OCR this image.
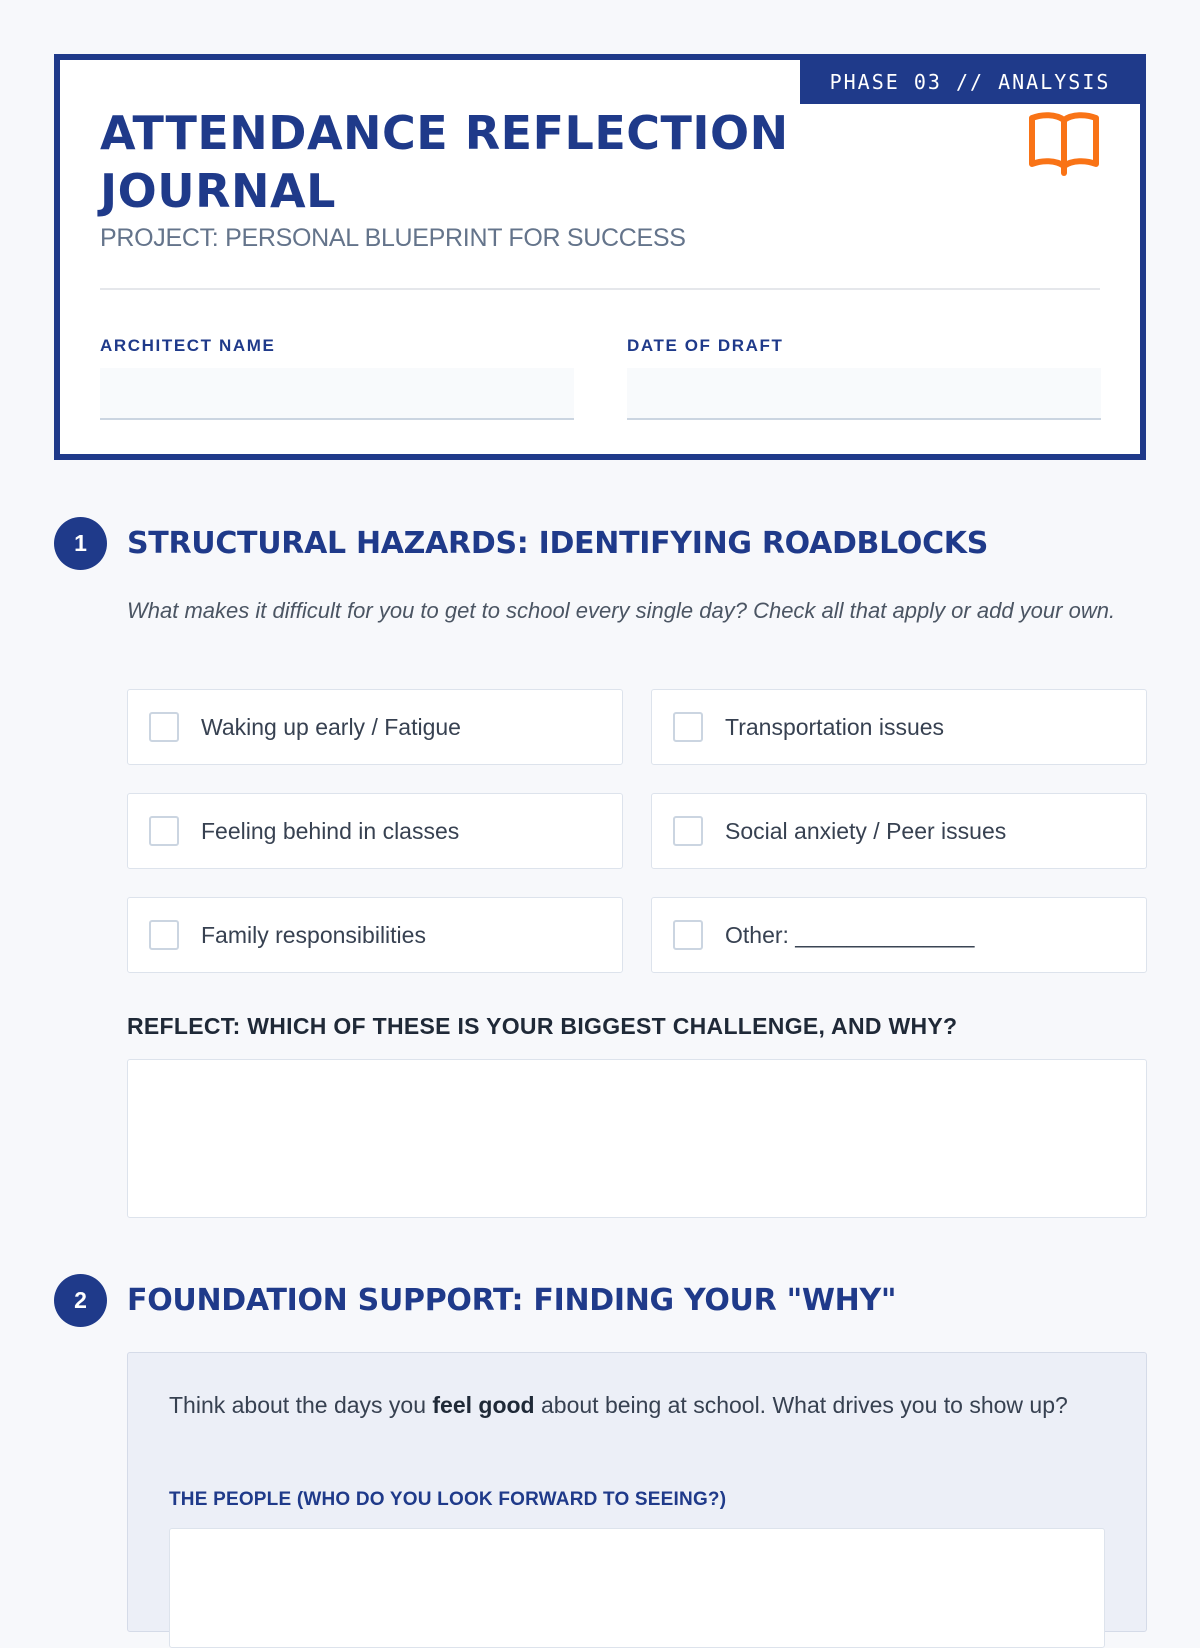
PHASE 03 // ANALYSIS
ATTENDANCE REFLECTION JOURNAL
PROJECT: PERSONAL BLUEPRINT FOR SUCCESS
ARCHITECT NAME	DATE OF DRAFT
1	STRUCTURAL HAZARDS: IDENTIFYING ROADBLOCKS
What makes it difficult for you to get to school every single day? Check all that apply or add your own.
Waking up early / Fatigue	Transportation issues
Feeling behind in classes	Social anxiety / Peer issues
Family responsibilities	Other: ______________
REFLECT: WHICH OF THESE IS YOUR BIGGEST CHALLENGE, AND WHY?
2	FOUNDATION SUPPORT: FINDING YOUR "WHY"
Think about the days you feel good about being at school. What drives you to show up?
THE PEOPLE (WHO DO YOU LOOK FORWARD TO SEEING?)
